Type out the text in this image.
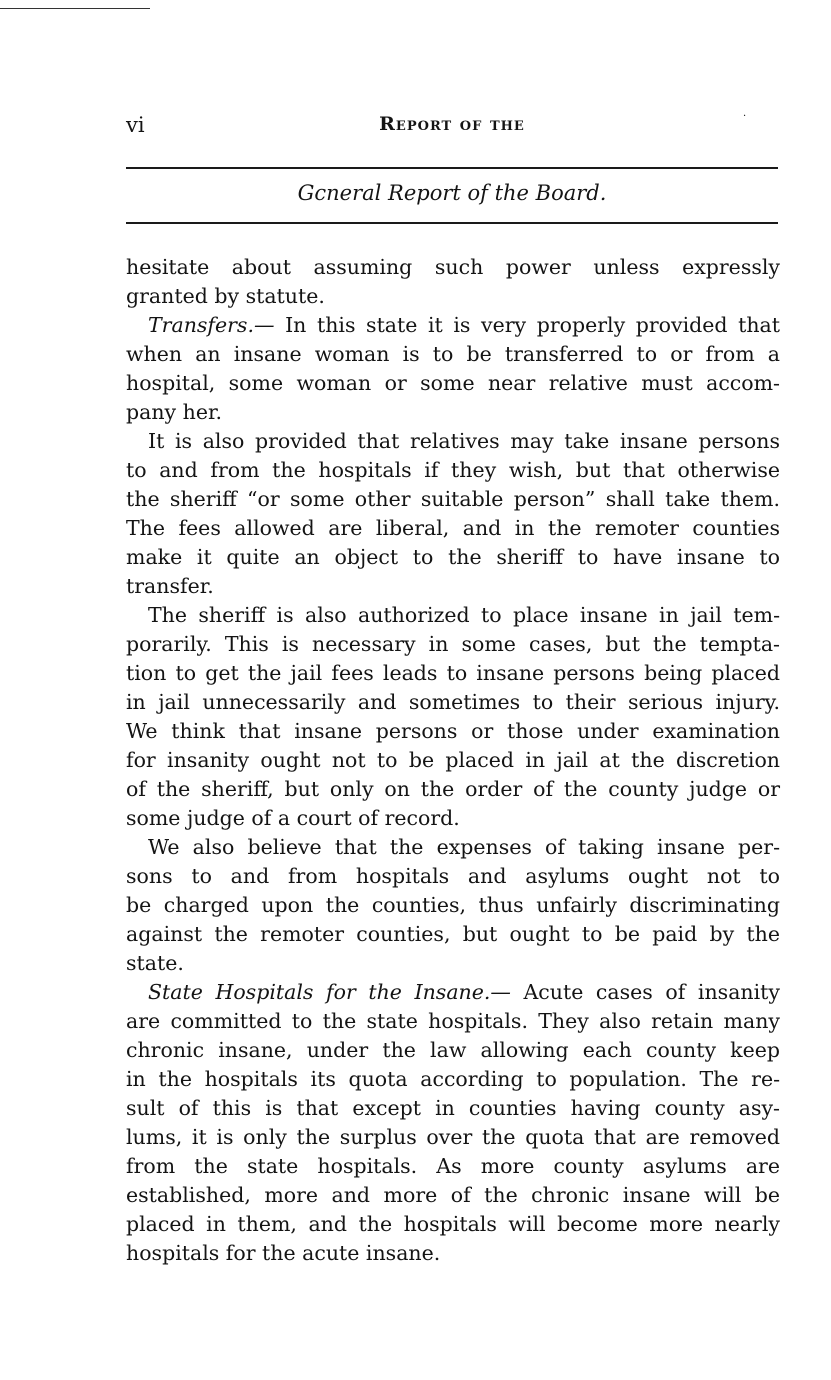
vi	Report of the	·
Gcneral Report of the Board.
hesitate about assuming such power unless expressly
granted by statute.
Transfers.— In this state it is very properly provided that
when an insane woman is to be transferred to or from a
hospital, some woman or some near relative must accom-
pany her.
It is also provided that relatives may take insane persons
to and from the hospitals if they wish, but that otherwise
the sheriff “or some other suitable person” shall take them.
The fees allowed are liberal, and in the remoter counties
make it quite an object to the sheriff to have insane to
transfer.
The sheriff is also authorized to place insane in jail tem-
porarily. This is necessary in some cases, but the tempta-
tion to get the jail fees leads to insane persons being placed
in jail unnecessarily and sometimes to their serious injury.
We think that insane persons or those under examination
for insanity ought not to be placed in jail at the discretion
of the sheriff, but only on the order of the county judge or
some judge of a court of record.
We also believe that the expenses of taking insane per-
sons to and from hospitals and asylums ought not to
be charged upon the counties, thus unfairly discriminating
against the remoter counties, but ought to be paid by the
state.
State Hospitals for the Insane.— Acute cases of insanity
are committed to the state hospitals. They also retain many
chronic insane, under the law allowing each county keep
in the hospitals its quota according to population. The re-
sult of this is that except in counties having county asy-
lums, it is only the surplus over the quota that are removed
from the state hospitals. As more county asylums are
established, more and more of the chronic insane will be
placed in them, and the hospitals will become more nearly
hospitals for the acute insane.
